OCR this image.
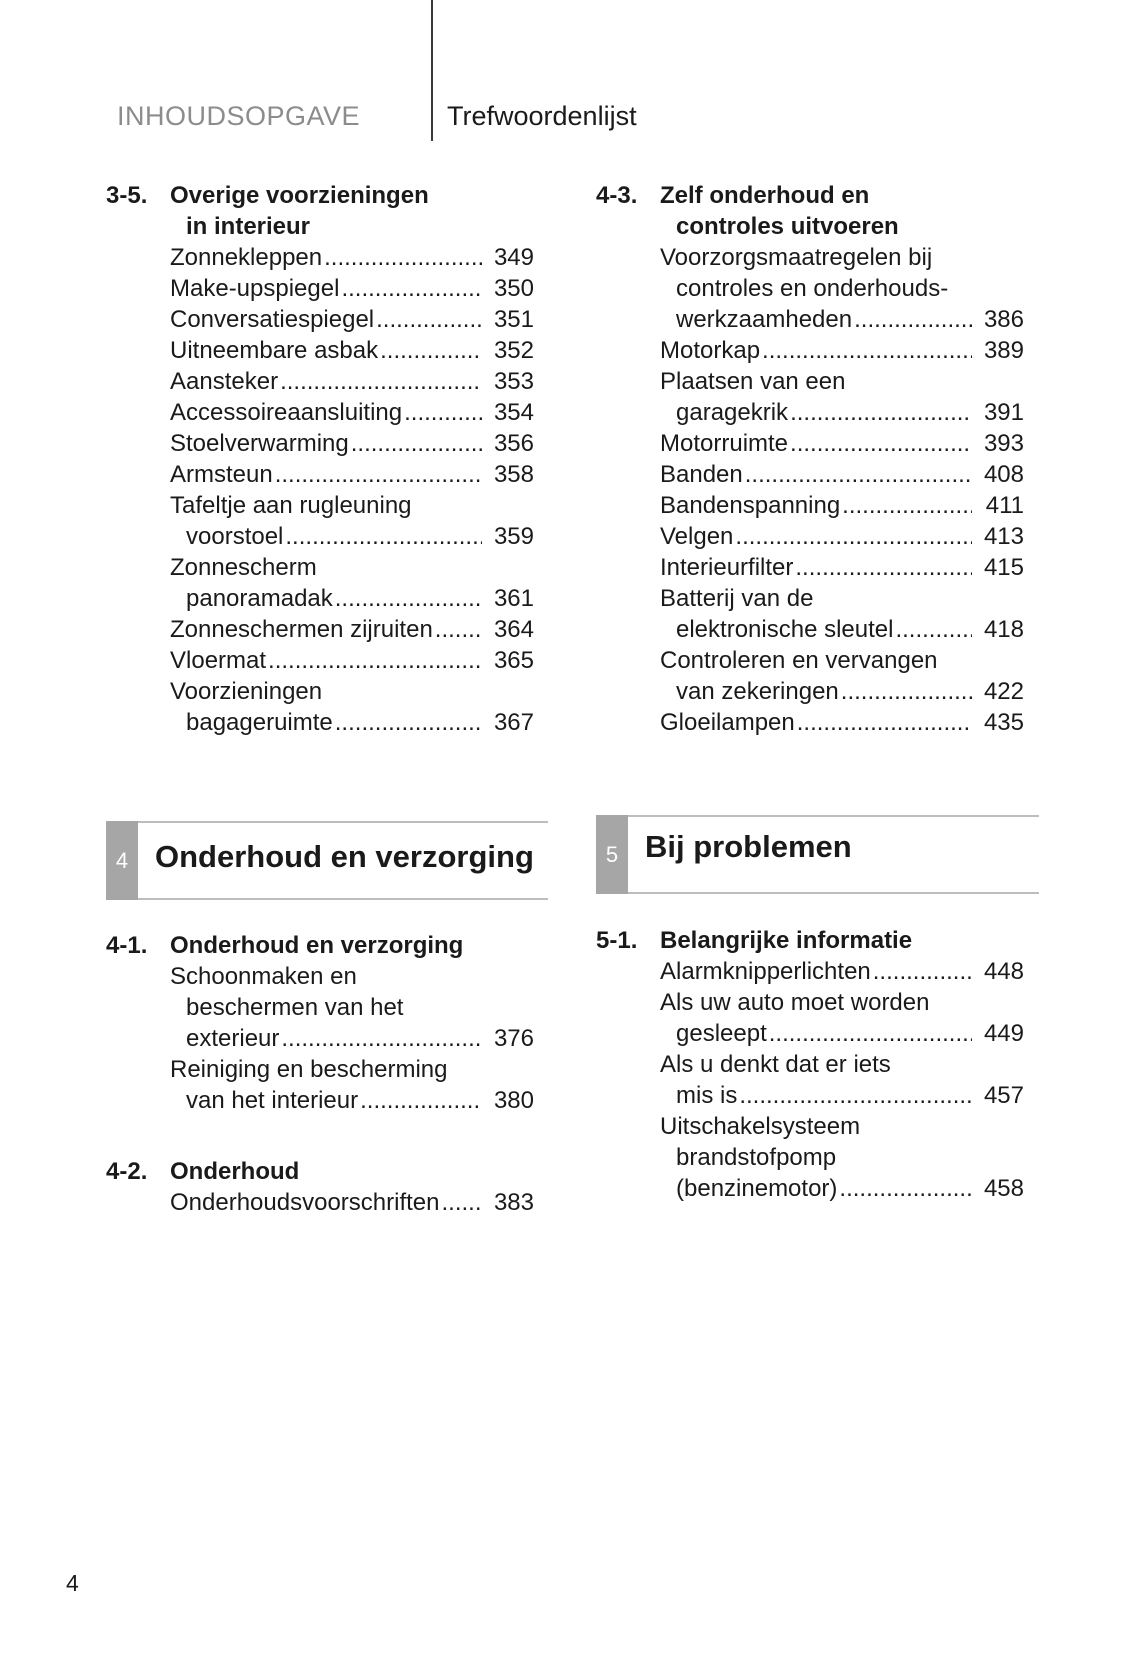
INHOUDSOPGAVE	Trefwoordenlijst
3-5. Overige voorzieningen
in interieur
Zonnekleppen .....	349
Make-upspiegel .....	350
Conversatiespiegel .....	351
Uitneembare asbak .....	352
Aansteker .....	353
Accessoireaansluiting .....	354
Stoelverwarming .....	356
Armsteun .....	358
Tafeltje aan rugleuning
voorstoel .....	359
Zonnescherm
panoramadak .....	361
Zonneschermen zijruiten .....	364
Vloermat .....	365
Voorzieningen
bagageruimte .....	367
4-3. Zelf onderhoud en
controles uitvoeren
Voorzorgsmaatregelen bij
controles en onderhouds-
werkzaamheden .....	386
Motorkap .....	389
Plaatsen van een
garagekrik .....	391
Motorruimte .....	393
Banden .....	408
Bandenspanning .....	411
Velgen .....	413
Interieurfilter .....	415
Batterij van de
elektronische sleutel .....	418
Controleren en vervangen
van zekeringen .....	422
Gloeilampen .....	435
4 Onderhoud en verzorging	5 Bij problemen
4-1. Onderhoud en verzorging
Schoonmaken en
beschermen van het
exterieur .....	376
Reiniging en bescherming
van het interieur .....	380
4-2. Onderhoud
Onderhoudsvoorschriften .....	383
5-1. Belangrijke informatie
Alarmknipperlichten .....	448
Als uw auto moet worden
gesleept .....	449
Als u denkt dat er iets
mis is .....	457
Uitschakelsysteem
brandstofpomp
(benzinemotor) .....	458
4
